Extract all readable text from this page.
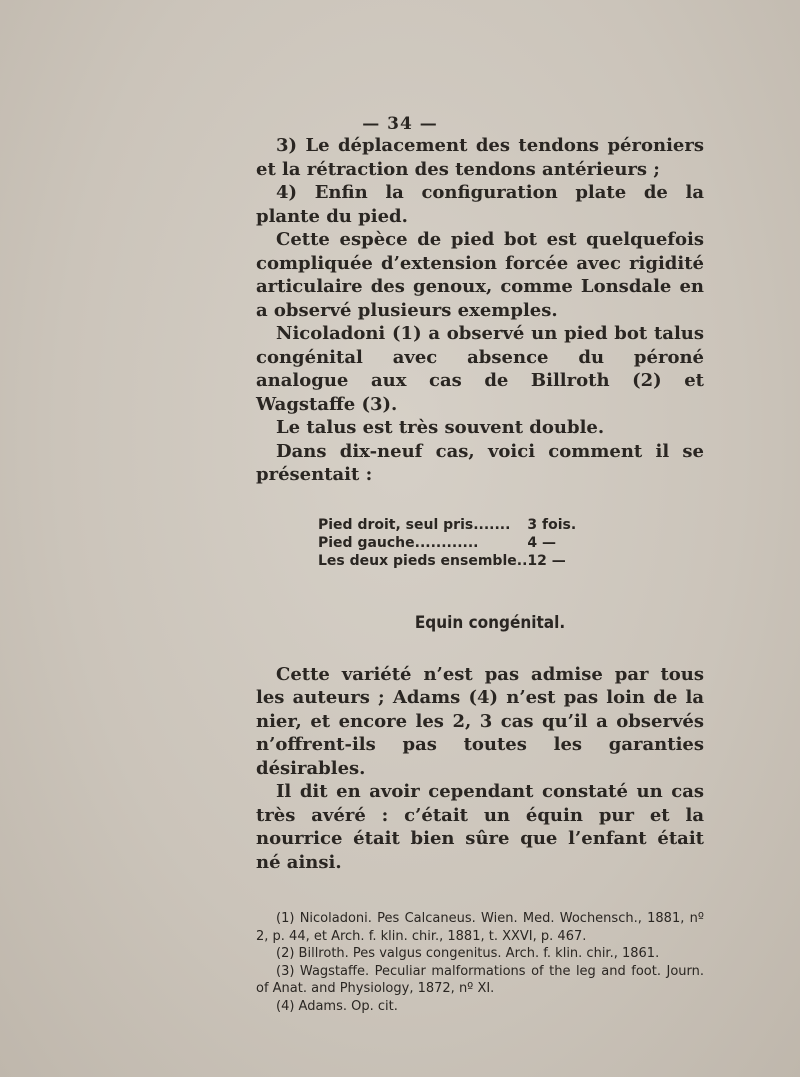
— 34 —

3) Le déplacement des tendons péroniers et la rétraction des tendons antérieurs ;

4) Enfin la configuration plate de la plante du pied.

Cette espèce de pied bot est quelquefois compliquée d’extension forcée avec rigidité articulaire des genoux, comme Lonsdale en a observé plusieurs exemples.

Nicoladoni (1) a observé un pied bot talus congénital avec absence du péroné analogue aux cas de Billroth (2) et Wagstaffe (3).

Le talus est très souvent double.

Dans dix-neuf cas, voici comment il se présentait :

Pied droit, seul pris.......	3 fois.
Pied gauche............	4 —
Les deux pieds ensemble..	12 —
Equin congénital.

Cette variété n’est pas admise par tous les auteurs ; Adams (4) n’est pas loin de la nier, et encore les 2, 3 cas qu’il a observés n’offrent-ils pas toutes les garanties désirables.

Il dit en avoir cependant constaté un cas très avéré : c’était un équin pur et la nourrice était bien sûre que l’enfant était né ainsi.

(1) Nicoladoni. Pes Calcaneus. Wien. Med. Wochensch., 1881, nº 2, p. 44, et Arch. f. klin. chir., 1881, t. XXVI, p. 467.

(2) Billroth. Pes valgus congenitus. Arch. f. klin. chir., 1861.

(3) Wagstaffe. Peculiar malformations of the leg and foot. Journ. of Anat. and Physiology, 1872, nº XI.

(4) Adams. Op. cit.
